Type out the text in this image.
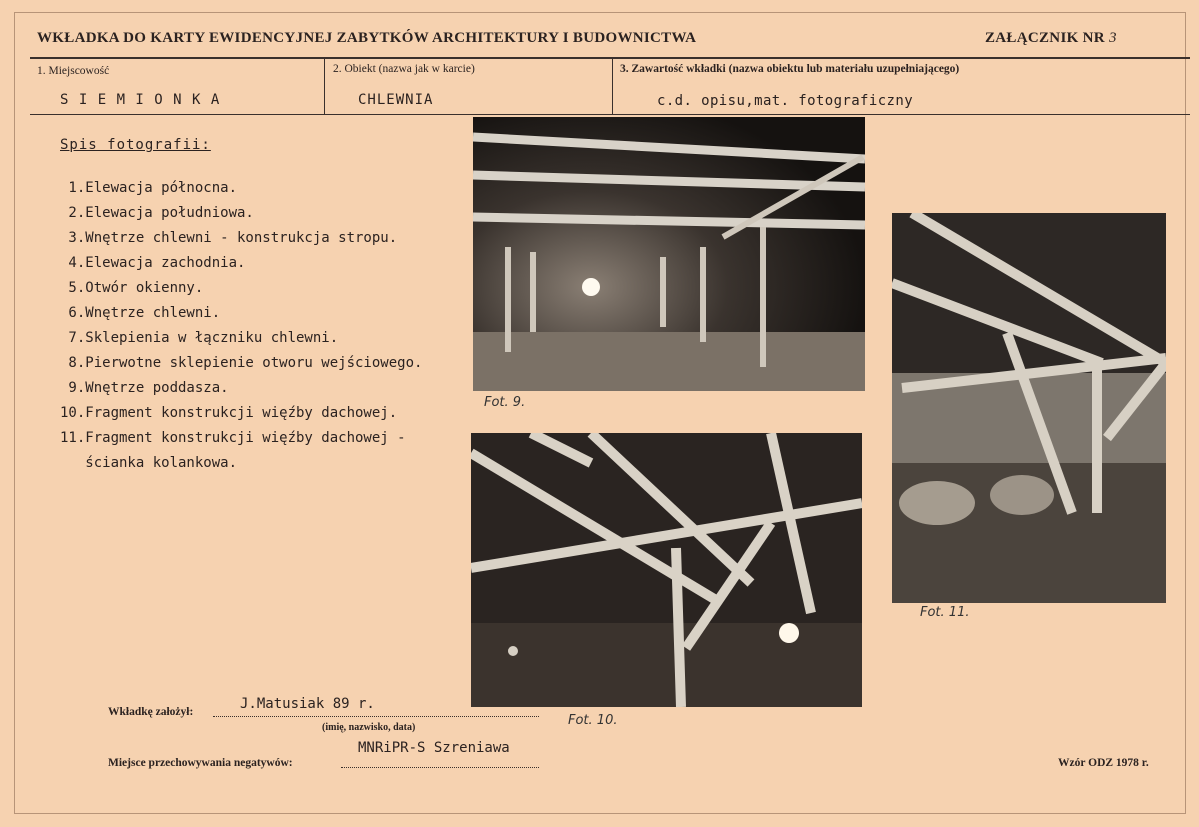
WKŁADKA DO KARTY EWIDENCYJNEJ ZABYTKÓW ARCHITEKTURY I BUDOWNICTWA	ZAŁĄCZNIK NR 3
1. Miejscowość
S I E M I O N K A
2. Obiekt (nazwa jak w karcie)
CHLEWNIA
3. Zawartość wkładki (nazwa obiektu lub materiału uzupełniającego)
c.d. opisu,mat. fotograficzny
Spis fotografii:
1.Elewacja północna.
2.Elewacja południowa.
3.Wnętrze chlewni - konstrukcja stropu.
4.Elewacja zachodnia.
5.Otwór okienny.
6.Wnętrze chlewni.
7.Sklepienia w łączniku chlewni.
8.Pierwotne sklepienie otworu wejściowego.
9.Wnętrze poddasza.
10.Fragment konstrukcji więźby dachowej.
11.Fragment konstrukcji więźby dachowej -
ścianka kolankowa.
Fot. 9.
Fot. 10.
Fot. 11.
Wkładkę założył:	J.Matusiak 89 r.
(imię, nazwisko, data)
Miejsce przechowywania negatywów:
MNRiPR-S Szreniawa
Wzór ODZ 1978 r.
